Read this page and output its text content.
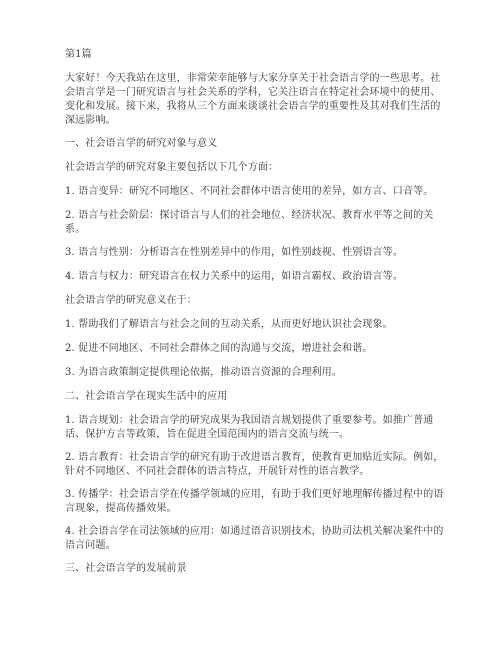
第1篇

大家好！今天我站在这里，非常荣幸能够与大家分享关于社会语言学的一些思考。社会语言学是一门研究语言与社会关系的学科，它关注语言在特定社会环境中的使用、变化和发展。接下来，我将从三个方面来谈谈社会语言学的重要性及其对我们生活的深远影响。

一、社会语言学的研究对象与意义

社会语言学的研究对象主要包括以下几个方面：

1. 语言变异：研究不同地区、不同社会群体中语言使用的差异，如方言、口音等。

2. 语言与社会阶层：探讨语言与人们的社会地位、经济状况、教育水平等之间的关系。

3. 语言与性别：分析语言在性别差异中的作用，如性别歧视、性别语言等。

4. 语言与权力：研究语言在权力关系中的运用，如语言霸权、政治语言等。

社会语言学的研究意义在于：

1. 帮助我们了解语言与社会之间的互动关系，从而更好地认识社会现象。

2. 促进不同地区、不同社会群体之间的沟通与交流，增进社会和谐。

3. 为语言政策制定提供理论依据，推动语言资源的合理利用。

二、社会语言学在现实生活中的应用

1. 语言规划：社会语言学的研究成果为我国语言规划提供了重要参考。如推广普通话、保护方言等政策，旨在促进全国范围内的语言交流与统一。

2. 语言教育：社会语言学的研究有助于改进语言教育，使教育更加贴近实际。例如，针对不同地区、不同社会群体的语言特点，开展针对性的语言教学。

3. 传播学：社会语言学在传播学领域的应用，有助于我们更好地理解传播过程中的语言现象，提高传播效果。

4. 社会语言学在司法领域的应用：如通过语音识别技术，协助司法机关解决案件中的语言问题。

三、社会语言学的发展前景
